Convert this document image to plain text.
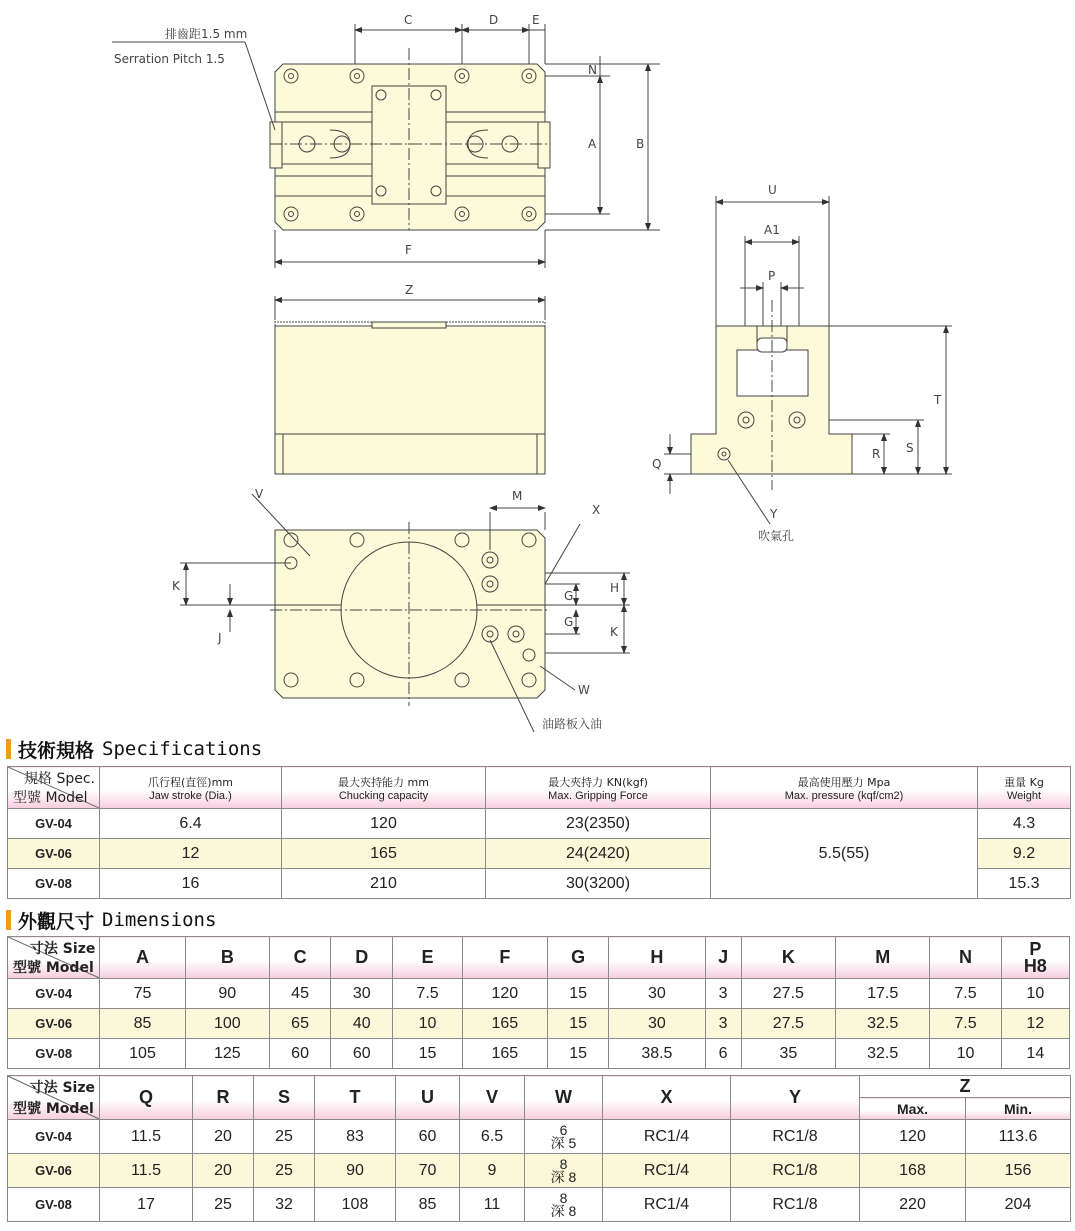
排齒距1.5 mm
Serration Pitch 1.5
C	D	E
N
A	B
F
Z
U
A1
P
T
S
R
Q
Y
吹氣孔
V	M
X
H
G
G
K
K
J
W
油路板入油
技術規格 Specifications
規格 Spec.
型號 Model	爪行程(直徑)mm
Jaw stroke (Dia.)	最大夾持能力 mm
Chucking capacity	最大夾持力 KN(kgf)
Max. Gripping Force	最高使用壓力 Mpa
Max. pressure (kqf/cm2)	重量 Kg
Weight

GV-04	6.4	120	23(2350)	5.5(55)	4.3
GV-06	12	165	24(2420)		9.2
GV-08	16	210	30(3200)		15.3
外觀尺寸 Dimensions
寸法 Size
型號 Model	A	B	C	D	E	F	G	H	J	K	M	N	P
H8

GV-04	75	90	45	30	7.5	120	15	30	3	27.5	17.5	7.5	10
GV-06	85	100	65	40	10	165	15	30	3	27.5	32.5	7.5	12
GV-08	105	125	60	60	15	165	15	38.5	6	35	32.5	10	14
寸法 Size
型號 Model	Q	R	S	T	U	V	W	X	Y	Z	
										Max.	Min.
GV-04	11.5	20	25	83	60	6.5	6
深 5	RC1/4	RC1/8	120	113.6
GV-06	11.5	20	25	90	70	9	8
深 8	RC1/4	RC1/8	168	156
GV-08	17	25	32	108	85	11	8
深 8	RC1/4	RC1/8	220	204
